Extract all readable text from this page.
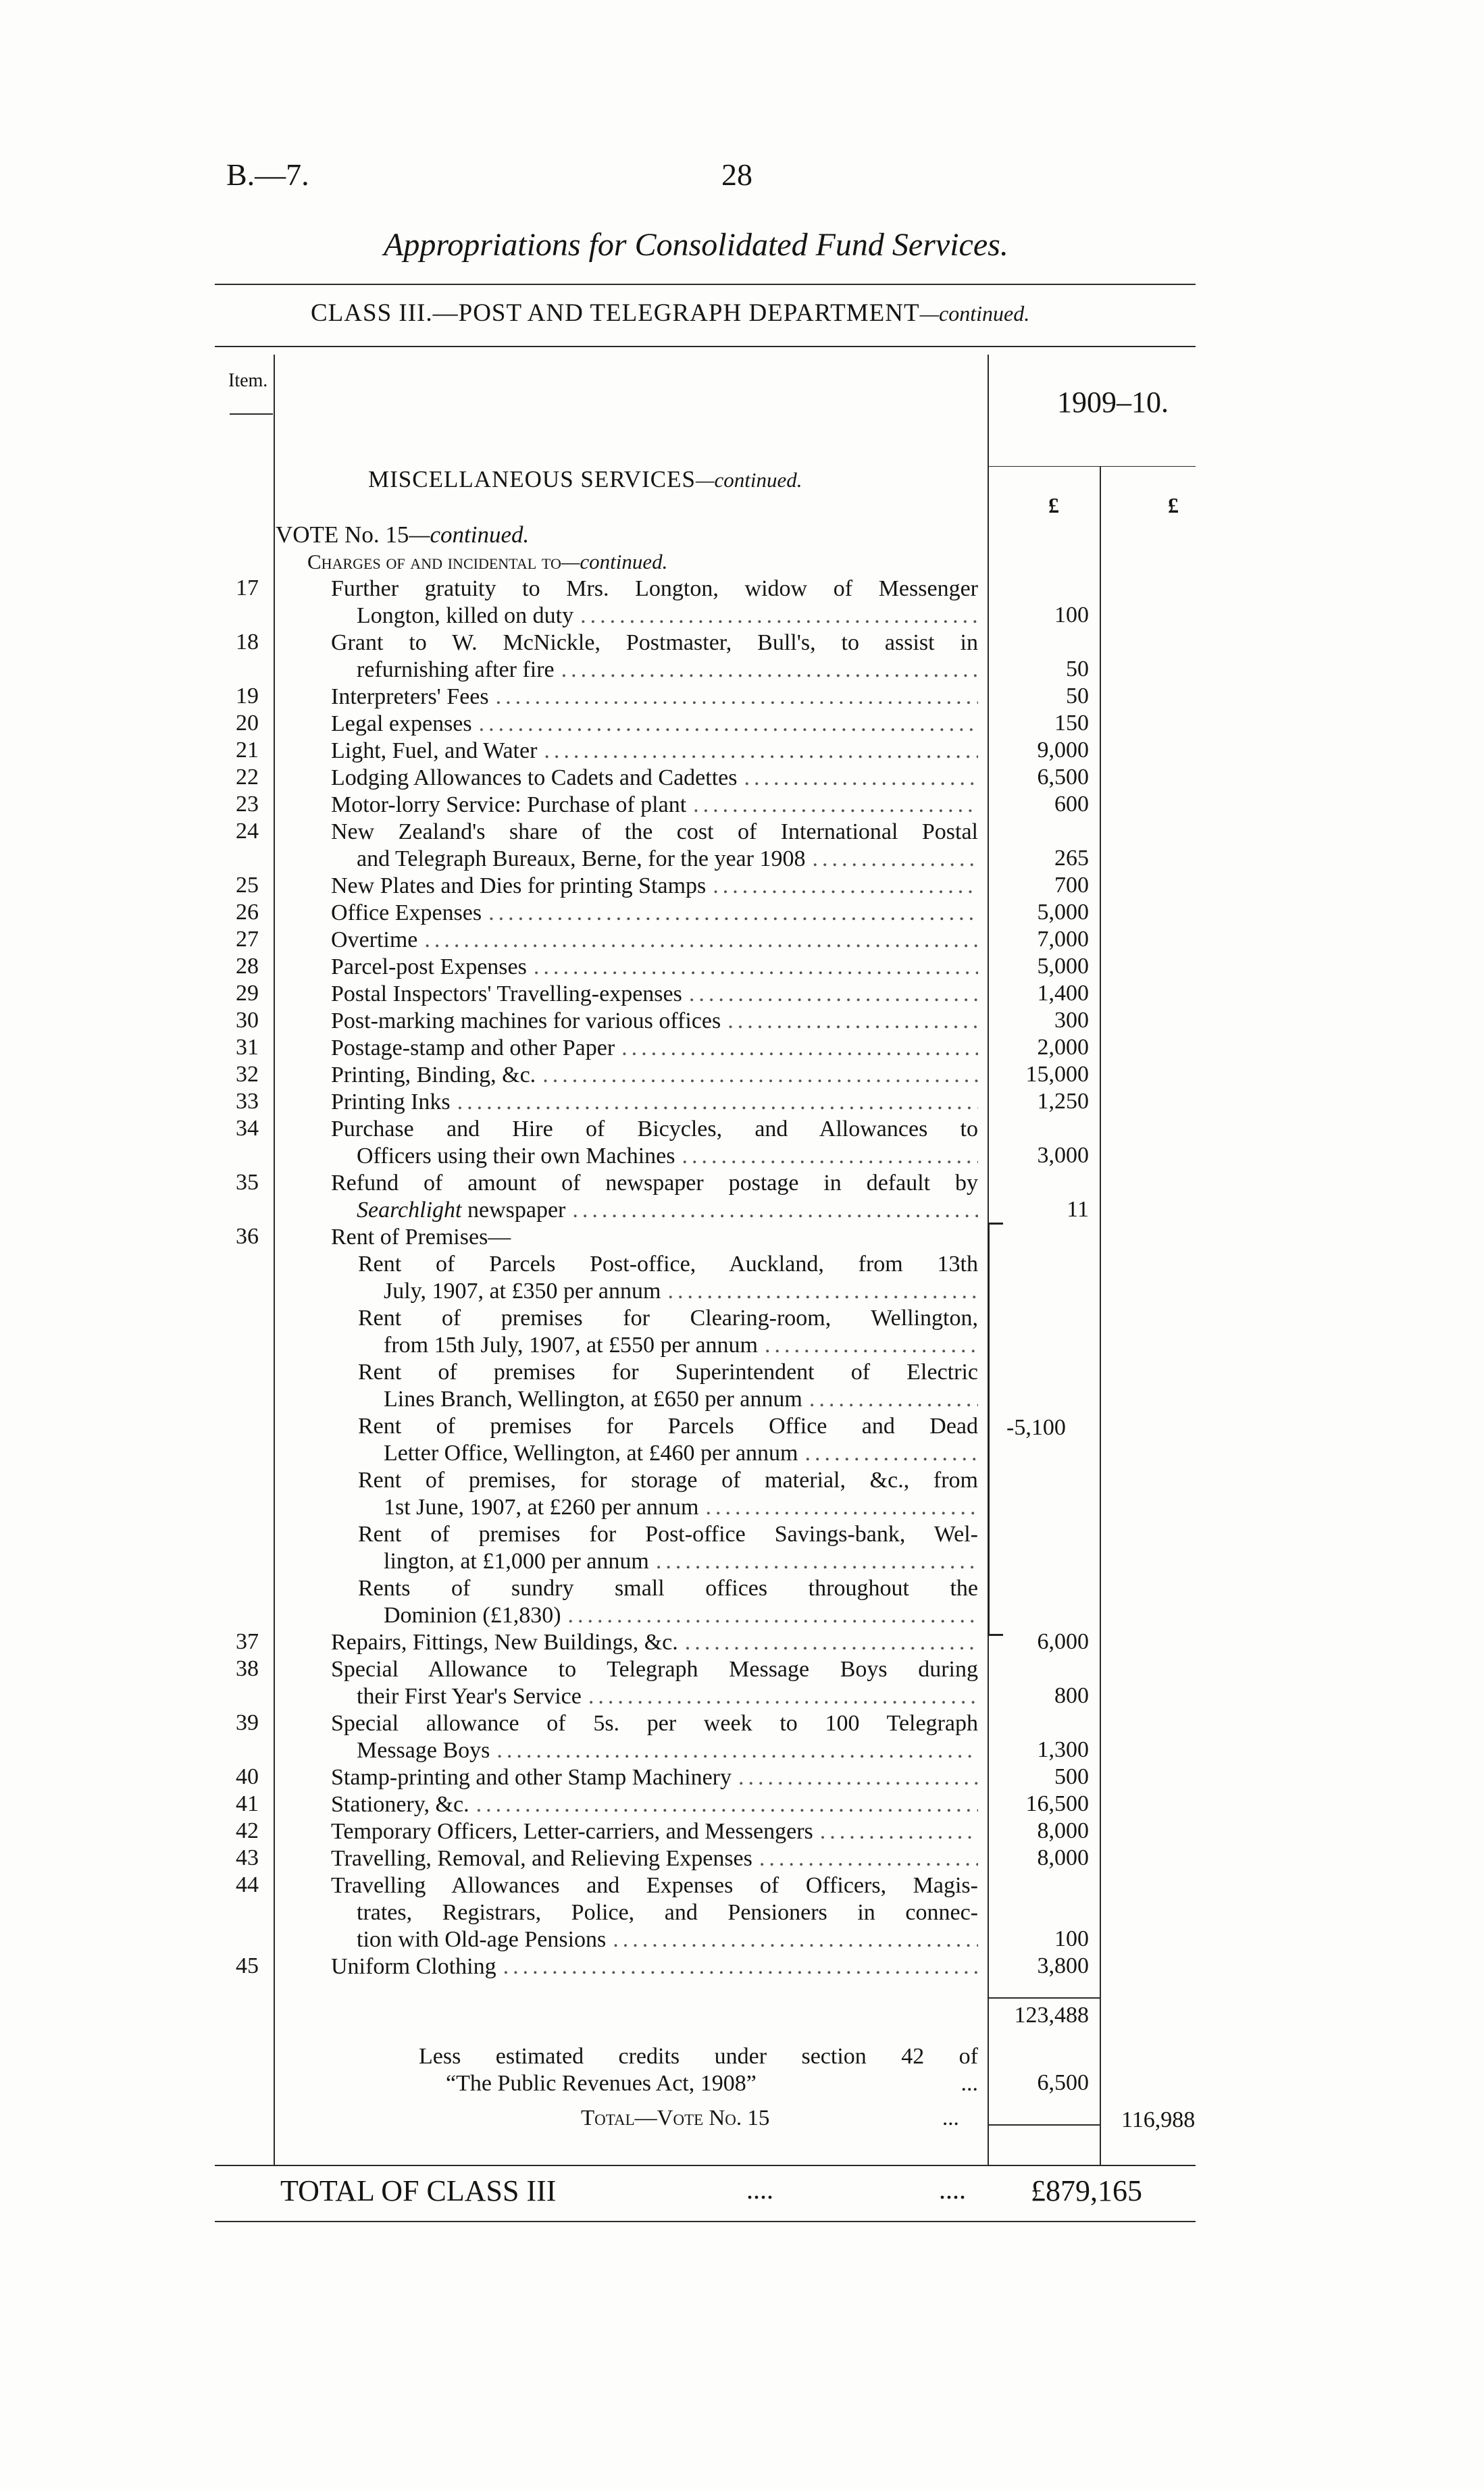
B.—7.	28
Appropriations for Consolidated Fund Services.
CLASS III.—POST AND TELEGRAPH DEPARTMENT—continued.
Item.
1909–10.
£	£
MISCELLANEOUS SERVICES—continued.
VOTE No. 15—continued.
Charges of and incidental to—continued.
17	Further gratuity to Mrs. Longton, widow of Messenger
Longton, killed on duty .....	100
18	Grant to W. McNickle, Postmaster, Bull's, to assist in
refurnishing after fire .....	50
19	Interpreters' Fees .....	50
20	Legal expenses .....	150
21	Light, Fuel, and Water .....	9,000
22	Lodging Allowances to Cadets and Cadettes .....	6,500
23	Motor-lorry Service: Purchase of plant .....	600
24	New Zealand's share of the cost of International Postal
and Telegraph Bureaux, Berne, for the year 1908 .....	265
25	New Plates and Dies for printing Stamps .....	700
26	Office Expenses .....	5,000
27	Overtime .....	7,000
28	Parcel-post Expenses .....	5,000
29	Postal Inspectors' Travelling-expenses .....	1,400
30	Post-marking machines for various offices .....	300
31	Postage-stamp and other Paper .....	2,000
32	Printing, Binding, &c. .....	15,000
33	Printing Inks .....	1,250
34	Purchase and Hire of Bicycles, and Allowances to
Officers using their own Machines .....	3,000
35	Refund of amount of newspaper postage in default by
Searchlight newspaper .....	11
36	Rent of Premises—
Rent of Parcels Post-office, Auckland, from 13th
July, 1907, at £350 per annum
.....
Rent of premises for Clearing-room, Wellington,
from 15th July, 1907, at £550 per annum
.....
Rent of premises for Superintendent of Electric
Lines Branch, Wellington, at £650 per annum
.....
Rent of premises for Parcels Office and Dead
Letter Office, Wellington, at £460 per annum
.....
Rent of premises, for storage of material, &c., from
1st June, 1907, at £260 per annum
.....
Rent of premises for Post-office Savings-bank, Wel-
lington, at £1,000 per annum
.....
Rents of sundry small offices throughout the
Dominion (£1,830)
.....
-5,100
37	Repairs, Fittings, New Buildings, &c. .....	6,000
38	Special Allowance to Telegraph Message Boys during
their First Year's Service .....	800
39	Special allowance of 5s. per week to 100 Telegraph
Message Boys .....	1,300
40	Stamp-printing and other Stamp Machinery .....	500
41	Stationery, &c. .....	16,500
42	Temporary Officers, Letter-carriers, and Messengers .....	8,000
43	Travelling, Removal, and Relieving Expenses .....	8,000
44	Travelling Allowances and Expenses of Officers, Magis-
trates, Registrars, Police, and Pensioners in connec-
tion with Old-age Pensions .....	100
45	Uniform Clothing .....	3,800
123,488
Less estimated credits under section 42 of
“The Public Revenues Act, 1908”	...	6,500
Total—Vote No. 15	...	116,988
TOTAL OF CLASS III	....	.... £879,165
